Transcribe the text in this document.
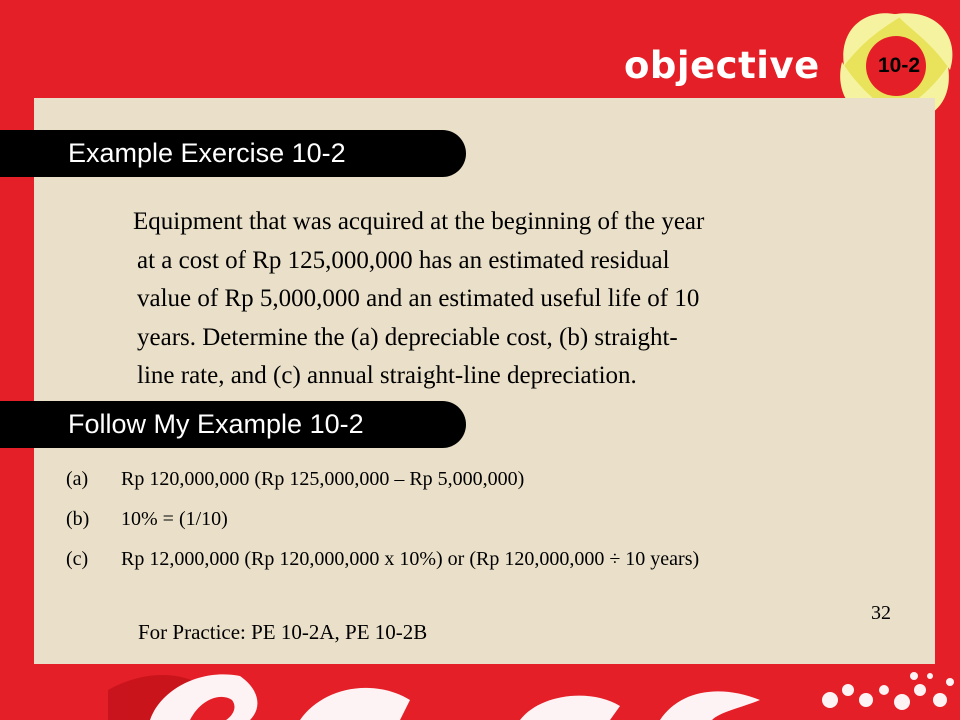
objective	10-2
Example Exercise 10-2
Equipment that was acquired at the beginning of the year
at a cost of Rp 125,000,000 has an estimated residual
value of Rp 5,000,000 and an estimated useful life of 10
years. Determine the (a) depreciable cost, (b) straight-
line rate, and (c) annual straight-line depreciation.
Follow My Example 10-2
(a) Rp 120,000,000 (Rp 125,000,000 – Rp 5,000,000)
(b) 10% = (1/10)
(c) Rp 12,000,000 (Rp 120,000,000 x 10%) or (Rp 120,000,000 ÷ 10 years)
32
For Practice: PE 10-2A, PE 10-2B
